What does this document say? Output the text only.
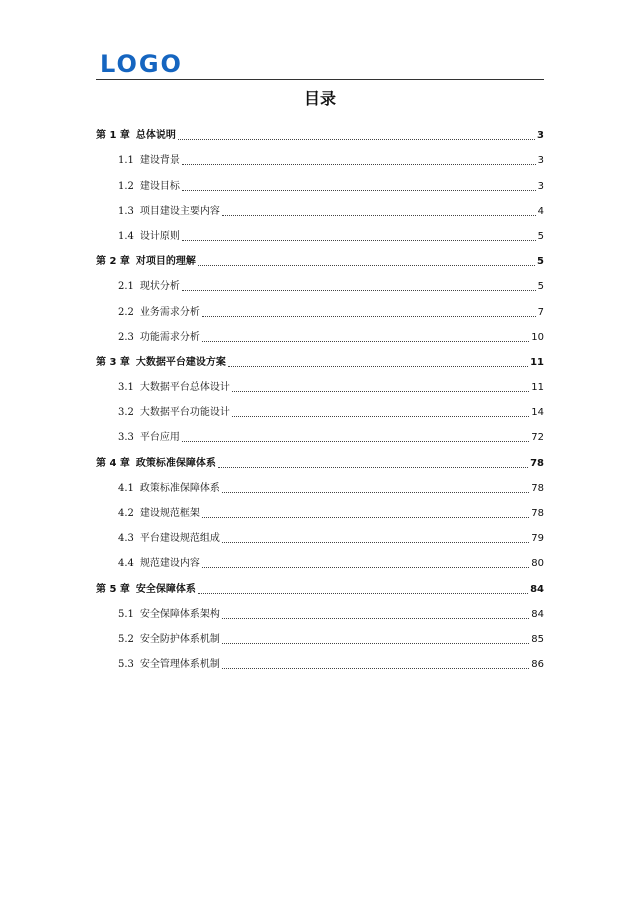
LOGO
目录
第 1 章 总体说明	3
1.1 建设背景	3
1.2 建设目标	3
1.3 项目建设主要内容	4
1.4 设计原则	5
第 2 章 对项目的理解	5
2.1 现状分析	5
2.2 业务需求分析	7
2.3 功能需求分析	10
第 3 章 大数据平台建设方案	11
3.1 大数据平台总体设计	11
3.2 大数据平台功能设计	14
3.3 平台应用	72
第 4 章 政策标准保障体系	78
4.1 政策标准保障体系	78
4.2 建设规范框架	78
4.3 平台建设规范组成	79
4.4 规范建设内容	80
第 5 章 安全保障体系	84
5.1 安全保障体系架构	84
5.2 安全防护体系机制	85
5.3 安全管理体系机制	86
